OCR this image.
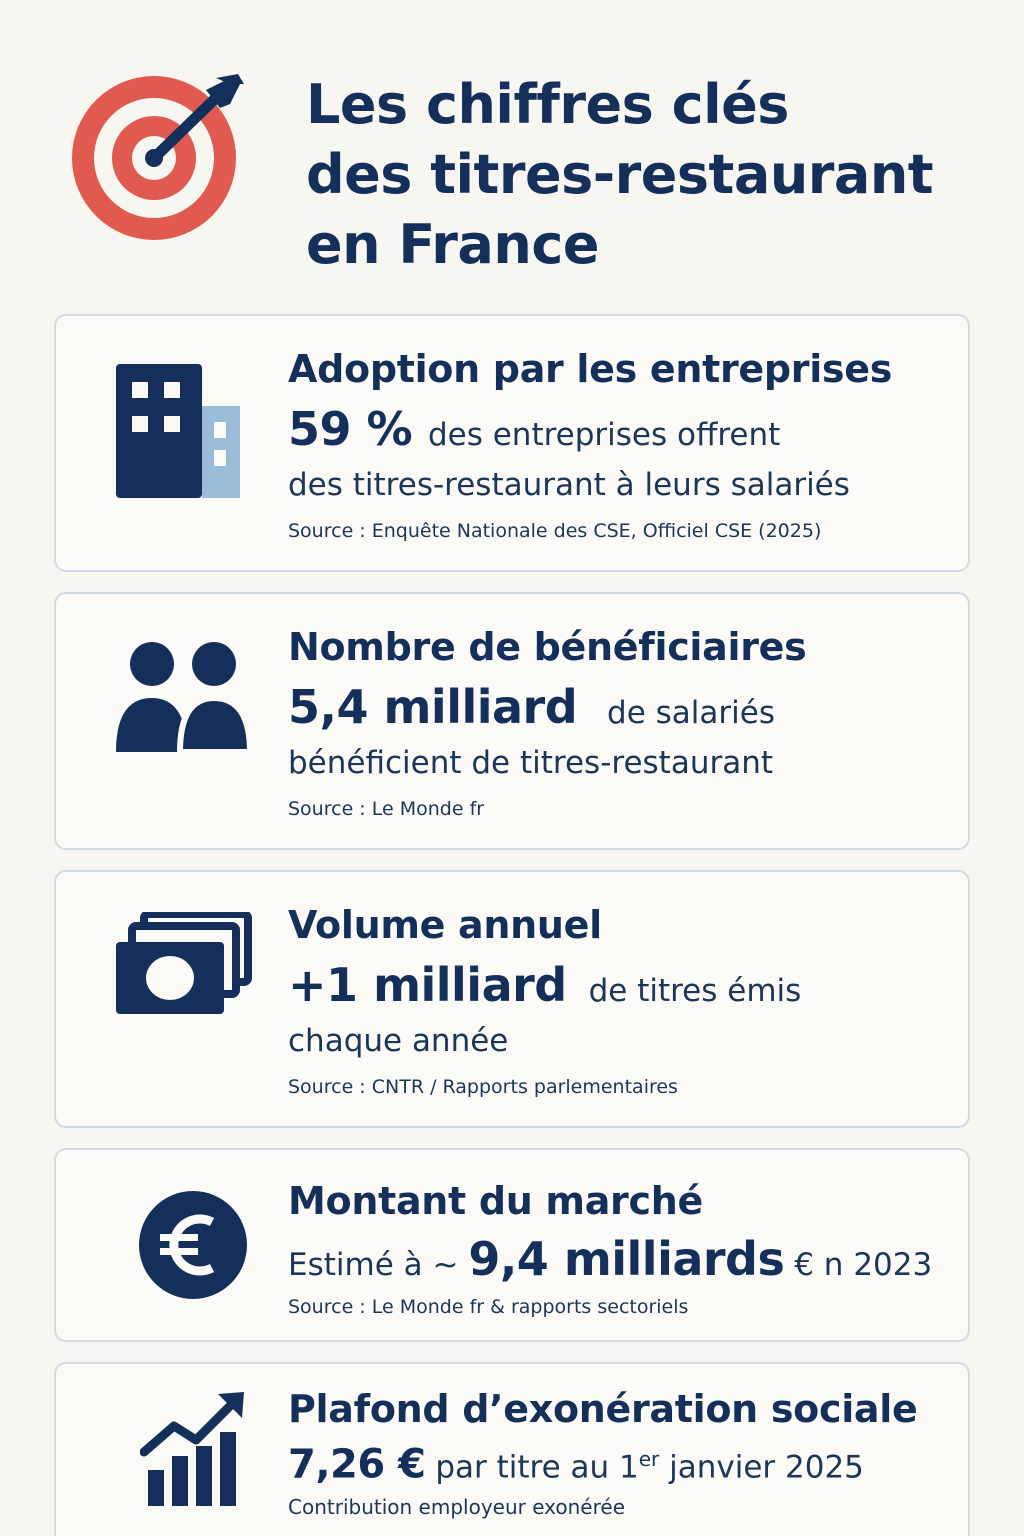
Les chiffres clés
des titres-restaurant
en France
Adoption par les entreprises
59 % des entreprises offrent
des titres-restaurant à leurs salariés
Source : Enquête Nationale des CSE, Officiel CSE (2025)
Nombre de bénéficiaires
5,4 milliard de salariés
bénéficient de titres-restaurant
Source : Le Monde fr
Volume annuel
+1 milliard de titres émis
chaque année
Source : CNTR / Rapports parlementaires
Montant du marché
Estimé à ~ 9,4 milliards € n 2023
Source : Le Monde fr & rapports sectoriels
Plafond d’exonération sociale
7,26 € par titre au 1er janvier 2025
Contribution employeur exonérée
